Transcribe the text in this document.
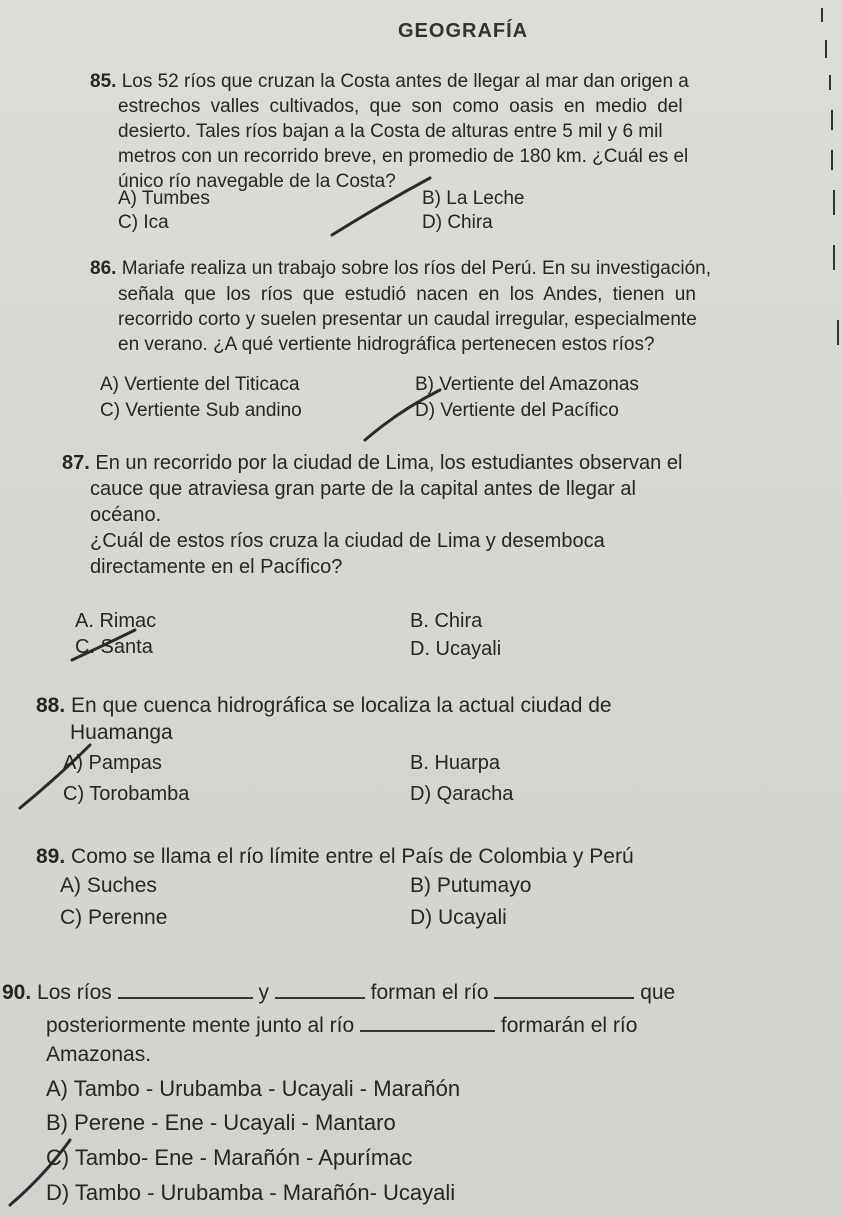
GEOGRAFÍA
85. Los 52 ríos que cruzan la Costa antes de llegar al mar dan origen a
estrechos valles cultivados, que son como oasis en medio del
desierto. Tales ríos bajan a la Costa de alturas entre 5 mil y 6 mil
metros con un recorrido breve, en promedio de 180 km. ¿Cuál es el
único río navegable de la Costa?
A) Tumbes	B) La Leche
C) Ica	D) Chira
86. Mariafe realiza un trabajo sobre los ríos del Perú. En su investigación,
señala que los ríos que estudió nacen en los Andes, tienen un
recorrido corto y suelen presentar un caudal irregular, especialmente
en verano. ¿A qué vertiente hidrográfica pertenecen estos ríos?
A) Vertiente del Titicaca	B) Vertiente del Amazonas
C) Vertiente Sub andino	D) Vertiente del Pacífico
87. En un recorrido por la ciudad de Lima, los estudiantes observan el
cauce que atraviesa gran parte de la capital antes de llegar al
océano.
¿Cuál de estos ríos cruza la ciudad de Lima y desemboca
directamente en el Pacífico?
A. Rimac	B. Chira
C. Santa	D. Ucayali
88. En que cuenca hidrográfica se localiza la actual ciudad de
Huamanga
A) Pampas	B. Huarpa
C) Torobamba	D) Qaracha
89. Como se llama el río límite entre el País de Colombia y Perú
A) Suches	B) Putumayo
C) Perenne	D) Ucayali
90. Los ríos	y	forman el río	que
posteriormente mente junto al río	formarán el río
Amazonas.
A) Tambo - Urubamba - Ucayali - Marañón
B) Perene - Ene - Ucayali - Mantaro
C) Tambo- Ene - Marañón - Apurímac
D) Tambo - Urubamba - Marañón- Ucayali
